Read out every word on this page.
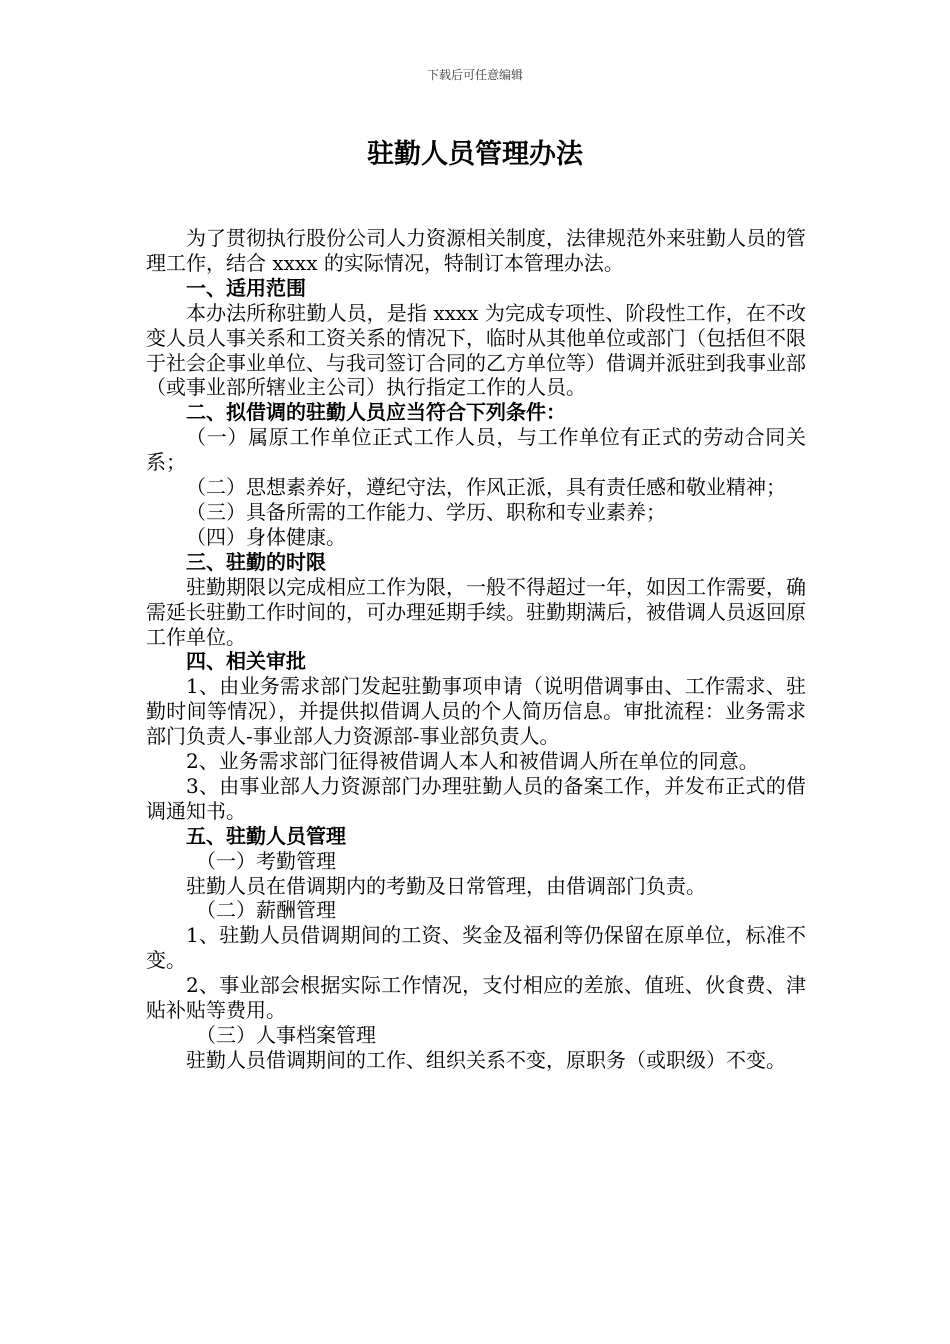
下载后可任意编辑
驻勤人员管理办法

为了贯彻执行股份公司人力资源相关制度，法律规范外来驻勤人员的管理工作，结合 xxxx 的实际情况，特制订本管理办法。

一、适用范围

本办法所称驻勤人员，是指 xxxx 为完成专项性、阶段性工作，在不改变人员人事关系和工资关系的情况下，临时从其他单位或部门（包括但不限于社会企事业单位、与我司签订合同的乙方单位等）借调并派驻到我事业部（或事业部所辖业主公司）执行指定工作的人员。

二、拟借调的驻勤人员应当符合下列条件：

（一）属原工作单位正式工作人员，与工作单位有正式的劳动合同关系；

（二）思想素养好，遵纪守法，作风正派，具有责任感和敬业精神；

（三）具备所需的工作能力、学历、职称和专业素养；

（四）身体健康。

三、驻勤的时限

驻勤期限以完成相应工作为限，一般不得超过一年，如因工作需要，确需延长驻勤工作时间的，可办理延期手续。驻勤期满后，被借调人员返回原工作单位。

四、相关审批

1、由业务需求部门发起驻勤事项申请（说明借调事由、工作需求、驻勤时间等情况），并提供拟借调人员的个人简历信息。审批流程：业务需求部门负责人-事业部人力资源部-事业部负责人。

2、业务需求部门征得被借调人本人和被借调人所在单位的同意。

3、由事业部人力资源部门办理驻勤人员的备案工作，并发布正式的借调通知书。

五、驻勤人员管理

（一）考勤管理

驻勤人员在借调期内的考勤及日常管理，由借调部门负责。

（二）薪酬管理

1、驻勤人员借调期间的工资、奖金及福利等仍保留在原单位，标准不变。

2、事业部会根据实际工作情况，支付相应的差旅、值班、伙食费、津贴补贴等费用。

（三）人事档案管理

驻勤人员借调期间的工作、组织关系不变，原职务（或职级）不变。
